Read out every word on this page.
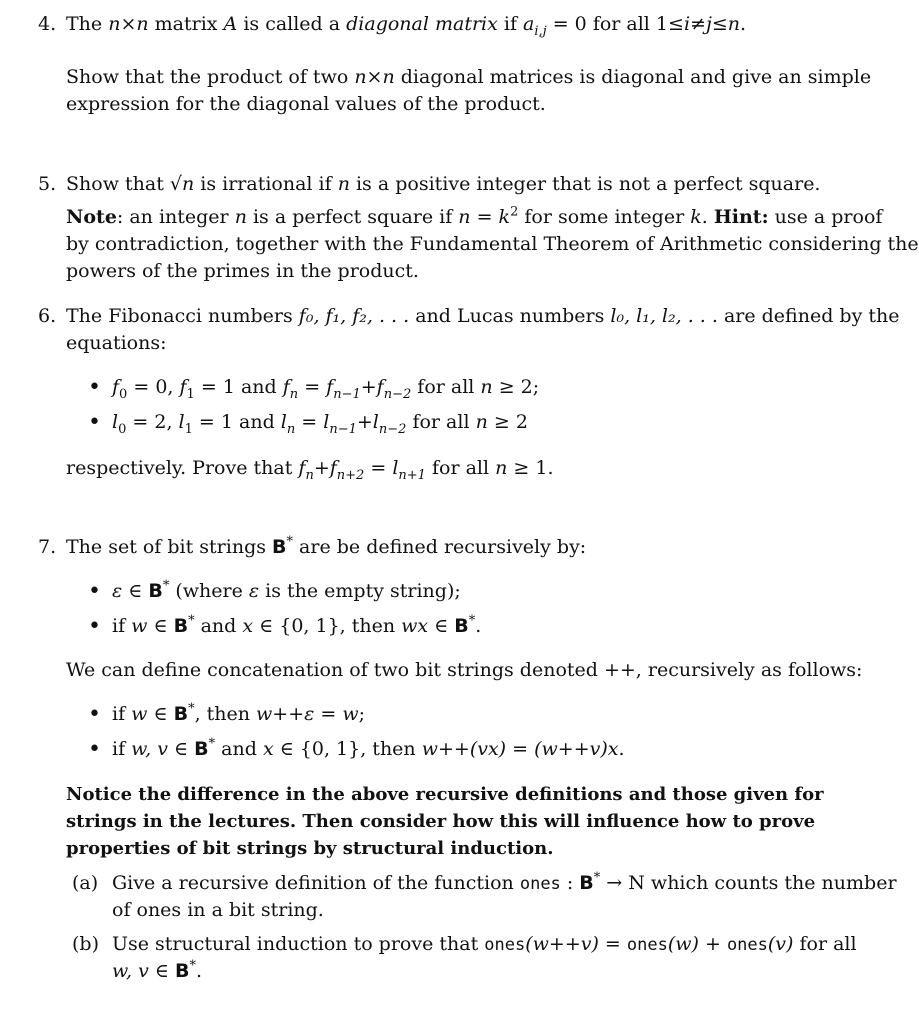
4. The n×n matrix A is called a diagonal matrix if $a_{i,j} = 0$ for all 1≤i≠j≤n.

Show that the product of two n×n diagonal matrices is diagonal and give an simple

expression for the diagonal values of the product.

5. Show that √n is irrational if n is a positive integer that is not a perfect square.

Note: an integer n is a perfect square if $n = k^2$ for some integer k. Hint: use a proof

by contradiction, together with the Fundamental Theorem of Arithmetic considering the

powers of the primes in the product.

6. The Fibonacci numbers f₀, f₁, f₂, . . . and Lucas numbers l₀, l₁, l₂, . . . are defined by the

equations:

• $f_0 = 0$, $f_1 = 1$ and $f_n = f_{n-1}+f_{n-2}$ for all n ≥ 2;

• $l_0 = 2$, $l_1 = 1$ and $l_n = l_{n-1}+l_{n-2}$ for all n ≥ 2

respectively. Prove that $f_n+f_{n+2} = l_{n+1}$ for all n ≥ 1.

7. The set of bit strings B* are be defined recursively by:

• ε ∈ B* (where ε is the empty string);

• if w ∈ B* and x ∈ {0, 1}, then wx ∈ B*.

We can define concatenation of two bit strings denoted ++, recursively as follows:

• if w ∈ B*, then w++ε = w;

• if w, v ∈ B* and x ∈ {0, 1}, then w++(vx) = (w++v)x.

Notice the difference in the above recursive definitions and those given for

strings in the lectures. Then consider how this will influence how to prove

properties of bit strings by structural induction.

(a) Give a recursive definition of the function ones : B* → N which counts the number

of ones in a bit string.

(b) Use structural induction to prove that ones(w++v) = ones(w) + ones(v) for all

w, v ∈ B*.
